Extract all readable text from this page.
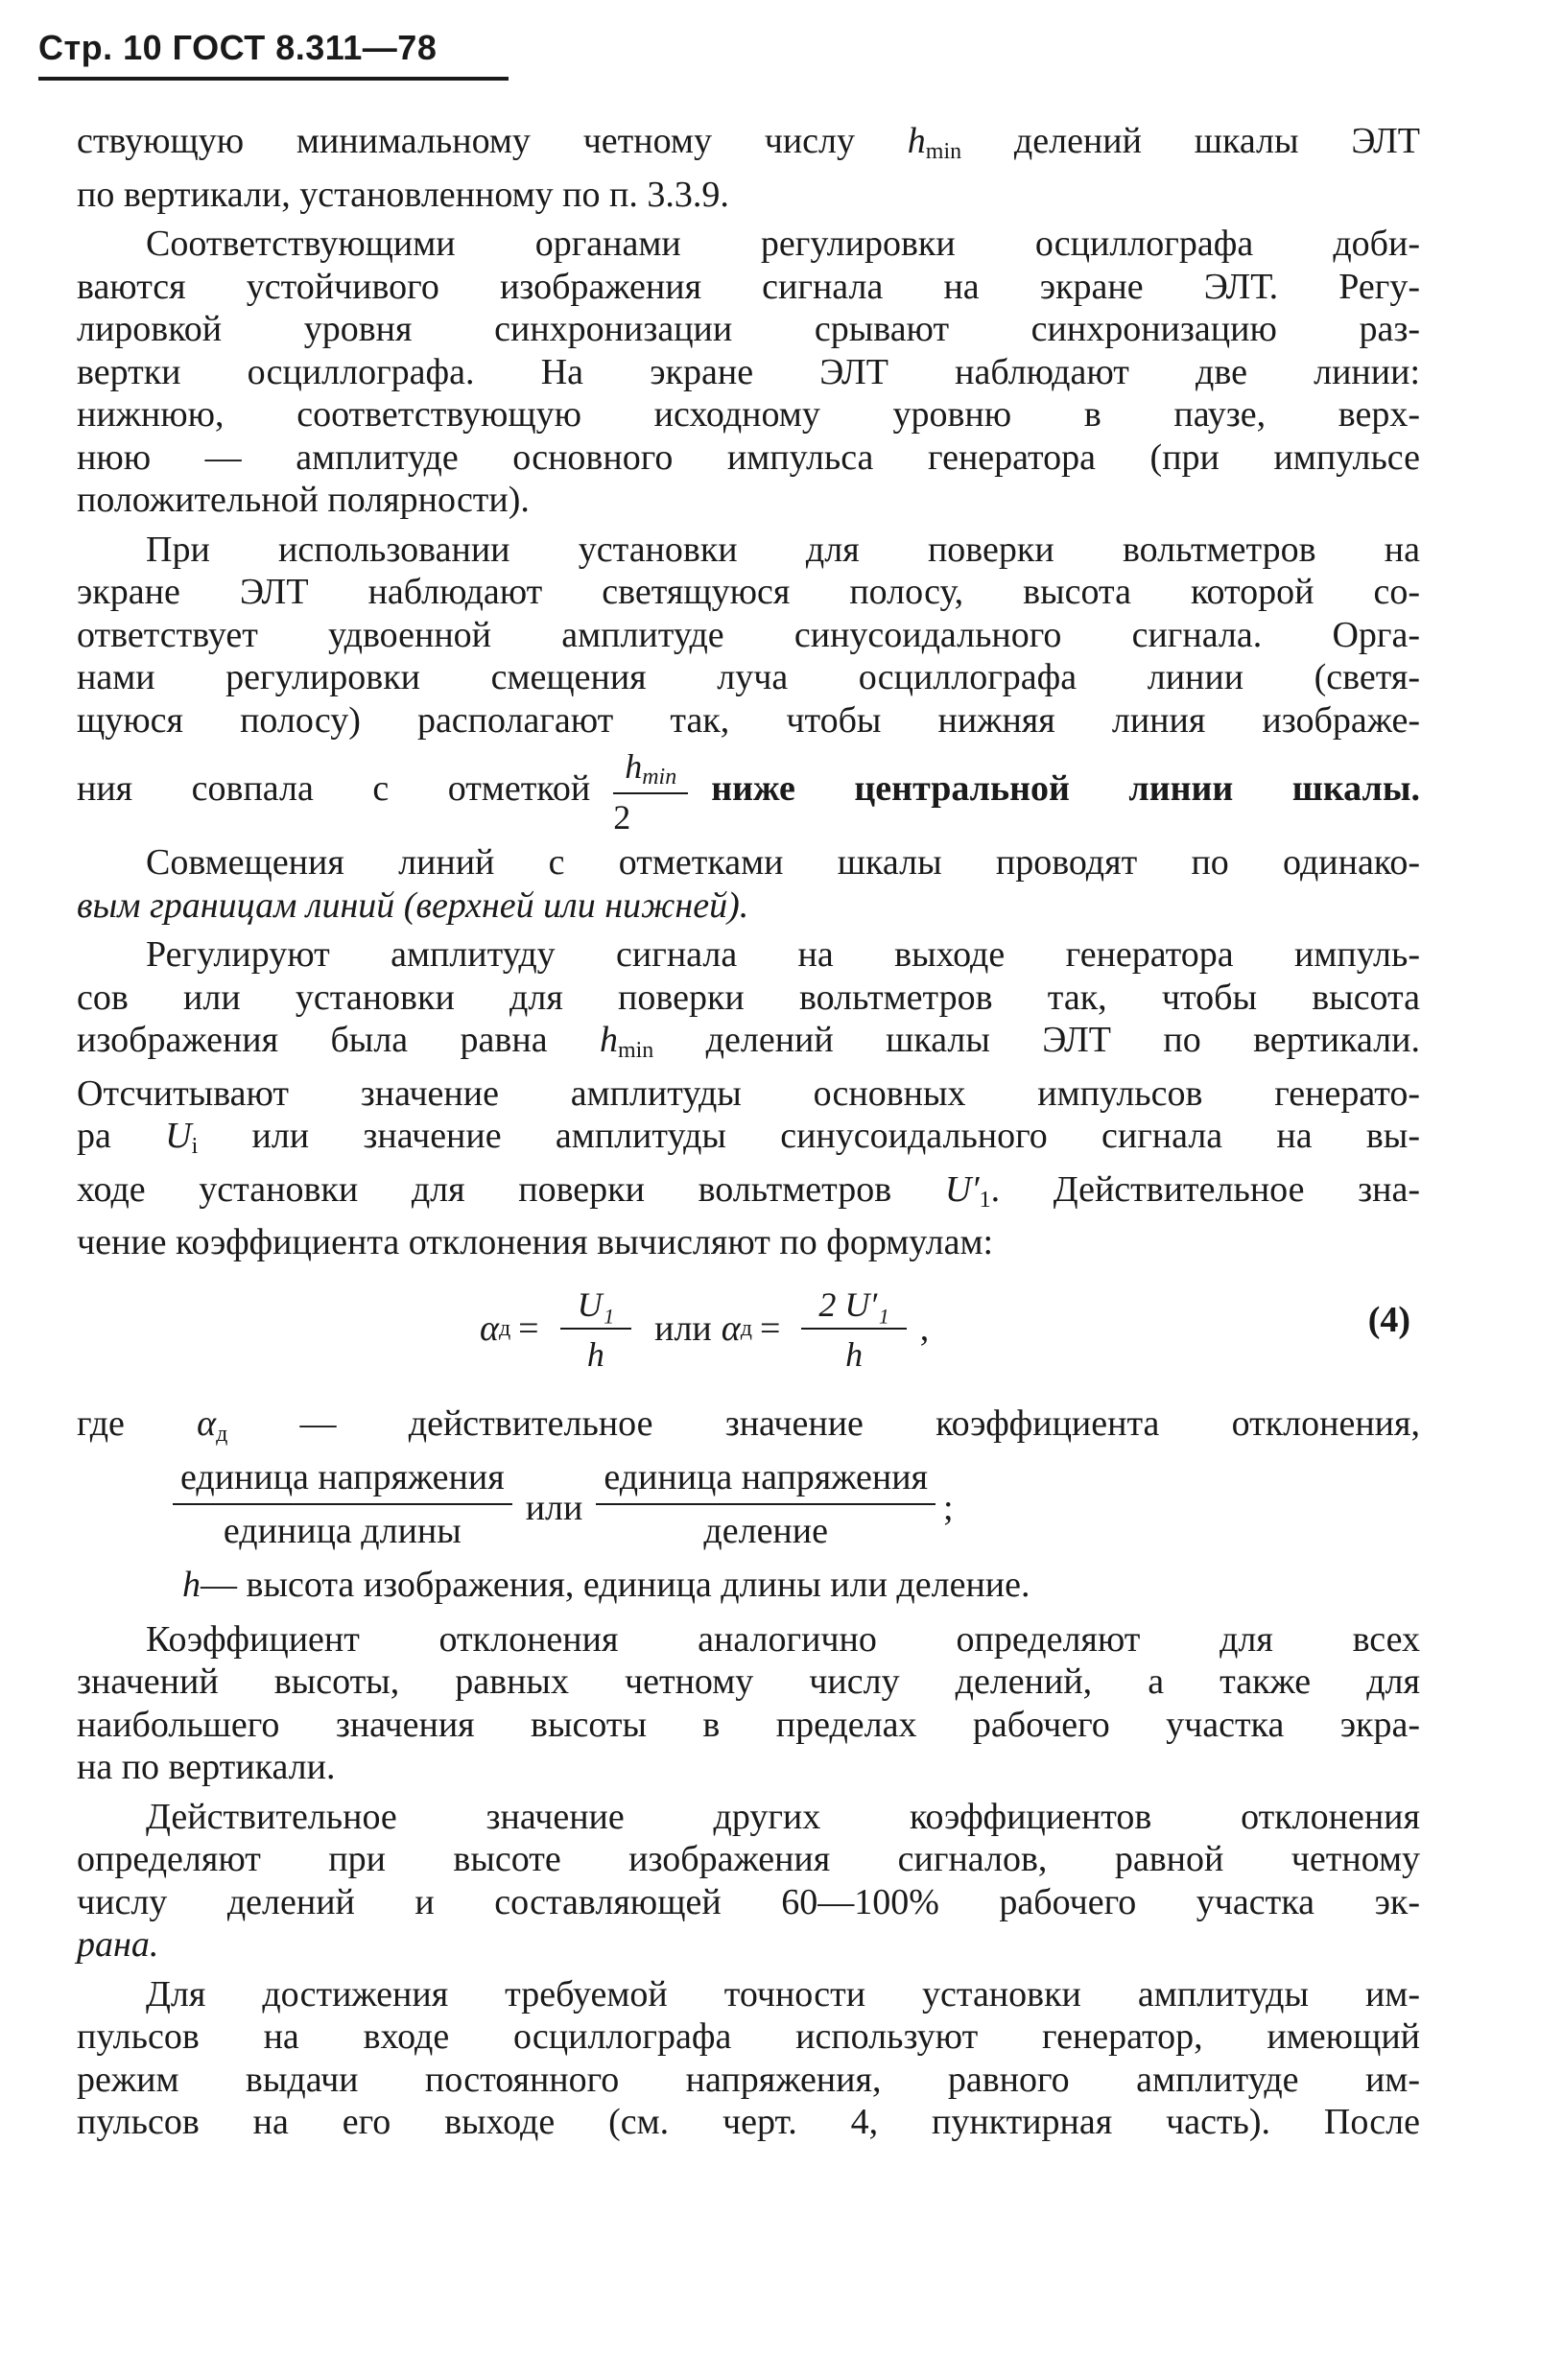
Стр. 10 ГОСТ 8.311—78
ствующую минимальному четному числу $h_{min}$ делений шкалы ЭЛТ
по вертикали, установленному по п. 3.3.9.
Соответствующими органами регулировки осциллографа доби-
ваются устойчивого изображения сигнала на экране ЭЛТ. Регу-
лировкой уровня синхронизации срывают синхронизацию раз-
вертки осциллографа. На экране ЭЛТ наблюдают две линии:
нижнюю, соответствующую исходному уровню в паузе, верх-
нюю — амплитуде основного импульса генератора (при импульсе
положительной полярности).
При использовании установки для поверки вольтметров на
экране ЭЛТ наблюдают светящуюся полосу, высота которой со-
ответствует удвоенной амплитуде синусоидального сигнала. Орга-
нами регулировки смещения луча осциллографа линии (светя-
щуюся полосу) располагают так, чтобы нижняя линия изображе-
ния совпала с отметкой $\frac{h_{min}}{2}$ ниже центральной линии шкалы.
Совмещения линий с отметками шкалы проводят по одинако-
вым границам линий (верхней или нижней).
Регулируют амплитуду сигнала на выходе генератора импуль-
сов или установки для поверки вольтметров так, чтобы высота
изображения была равна $h_{min}$ делений шкалы ЭЛТ по вертикали.
Отсчитывают значение амплитуды основных импульсов генерато-
ра $U_i$ или значение амплитуды синусоидального сигнала на вы-
ходе установки для поверки вольтметров $U'_1$. Действительное зна-
чение коэффициента отклонения вычисляют по формулам:
α $д = \frac{\text{U₁}}{h}$ или α $д = \frac{\text{2 U′₁}}{h}$ ,	(4)
где $\alpha_д$ — действительное значение коэффициента отклонения,
$\frac{\text{единица напряжения}}{\text{единица длины}}$ или $\frac{\text{единица напряжения}}{\text{деление}}$ ;
h— высота изображения, единица длины или деление.
Коэффициент отклонения аналогично определяют для всех
значений высоты, равных четному числу делений, а также для
наибольшего значения высоты в пределах рабочего участка экра-
на по вертикали.
Действительное значение других коэффициентов отклонения
определяют при высоте изображения сигналов, равной четному
числу делений и составляющей 60—100% рабочего участка эк-
рана.
Для достижения требуемой точности установки амплитуды им-
пульсов на входе осциллографа используют генератор, имеющий
режим выдачи постоянного напряжения, равного амплитуде им-
пульсов на его выходе (см. черт. 4, пунктирная часть). После
